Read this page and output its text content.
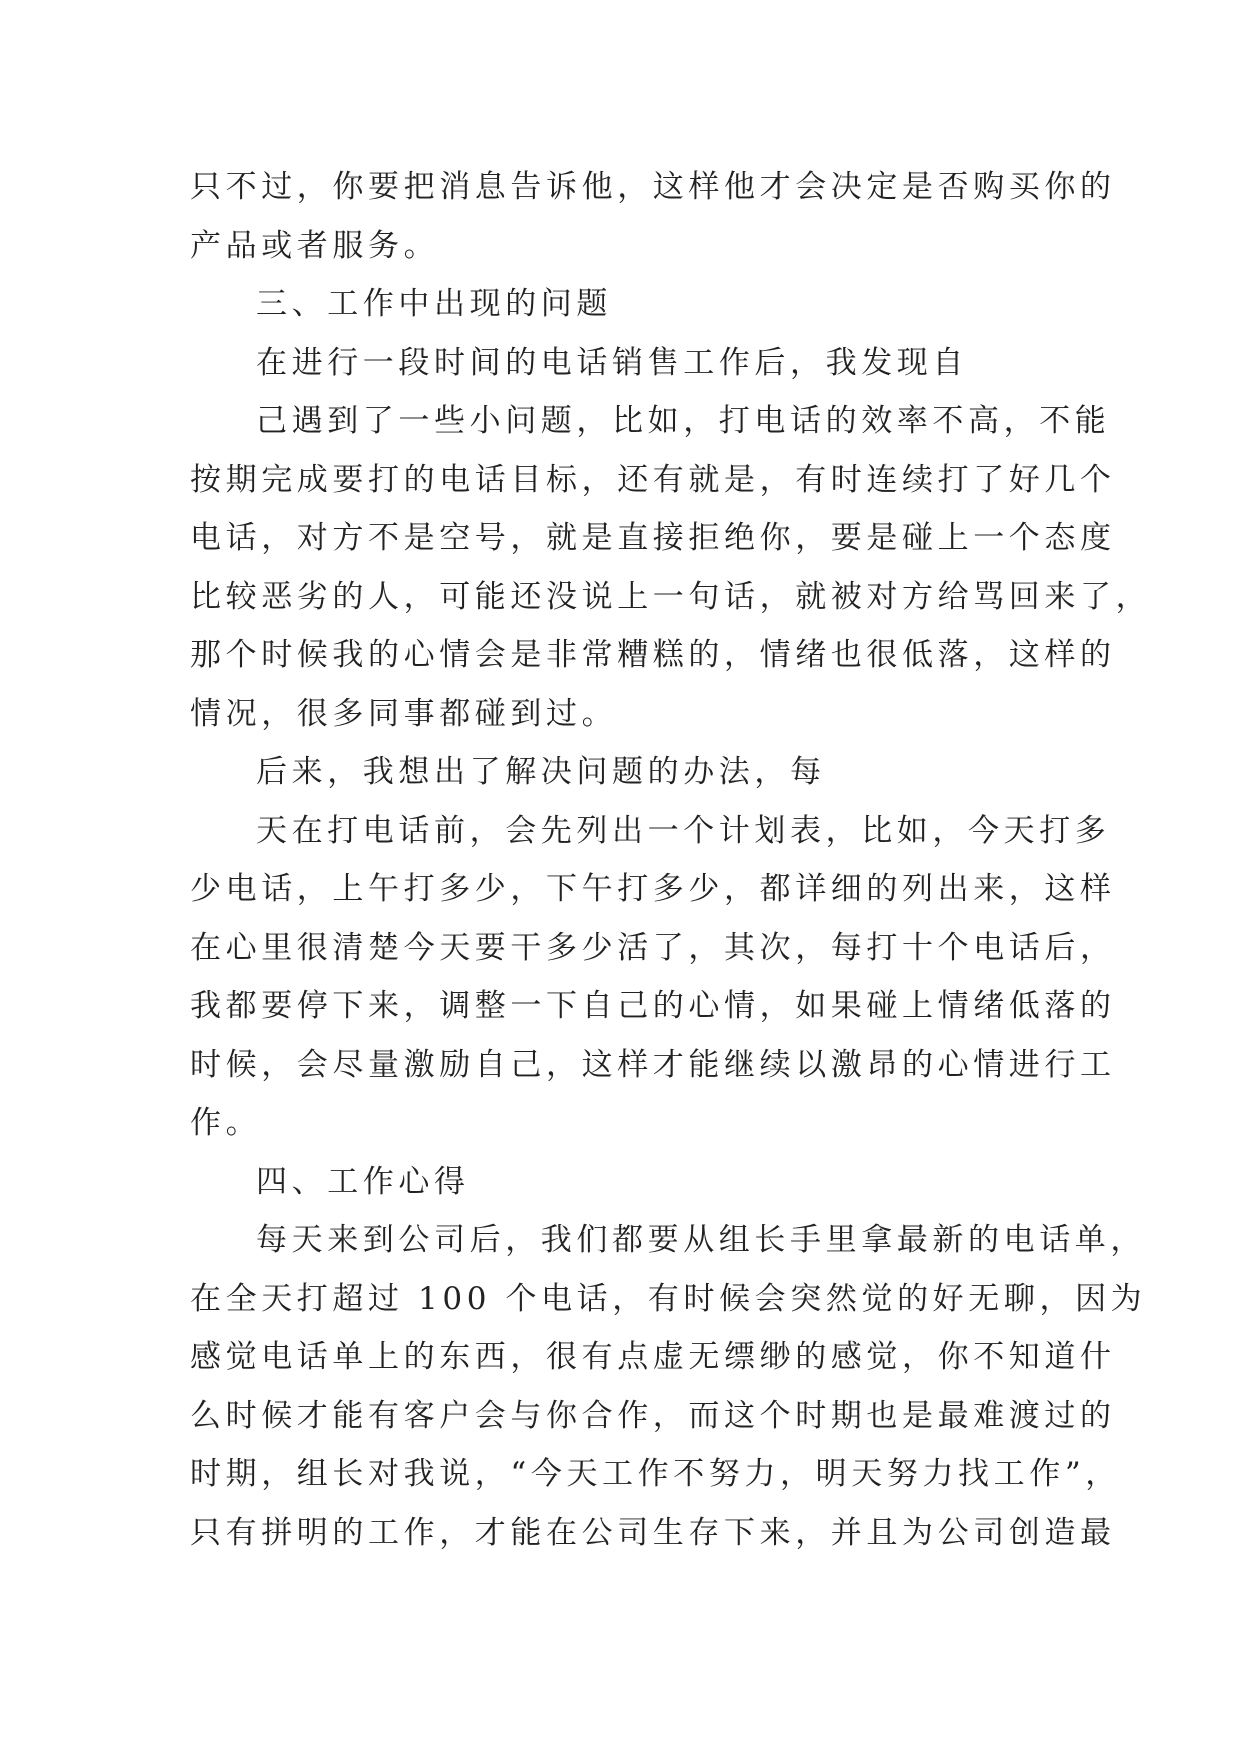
只不过，你要把消息告诉他，这样他才会决定是否购买你的
产品或者服务。
三、工作中出现的问题
在进行一段时间的电话销售工作后，我发现自
己遇到了一些小问题，比如，打电话的效率不高，不能
按期完成要打的电话目标，还有就是，有时连续打了好几个
电话，对方不是空号，就是直接拒绝你，要是碰上一个态度
比较恶劣的人，可能还没说上一句话，就被对方给骂回来了，
那个时候我的心情会是非常糟糕的，情绪也很低落，这样的
情况，很多同事都碰到过。
后来，我想出了解决问题的办法，每
天在打电话前，会先列出一个计划表，比如，今天打多
少电话，上午打多少，下午打多少，都详细的列出来，这样
在心里很清楚今天要干多少活了，其次，每打十个电话后，
我都要停下来，调整一下自己的心情，如果碰上情绪低落的
时候，会尽量激励自己，这样才能继续以激昂的心情进行工
作。
四、工作心得
每天来到公司后，我们都要从组长手里拿最新的电话单，
在全天打超过 100 个电话，有时候会突然觉的好无聊，因为
感觉电话单上的东西，很有点虚无缥缈的感觉，你不知道什
么时候才能有客户会与你合作，而这个时期也是最难渡过的
时期，组长对我说，“今天工作不努力，明天努力找工作”，
只有拼明的工作，才能在公司生存下来，并且为公司创造最
